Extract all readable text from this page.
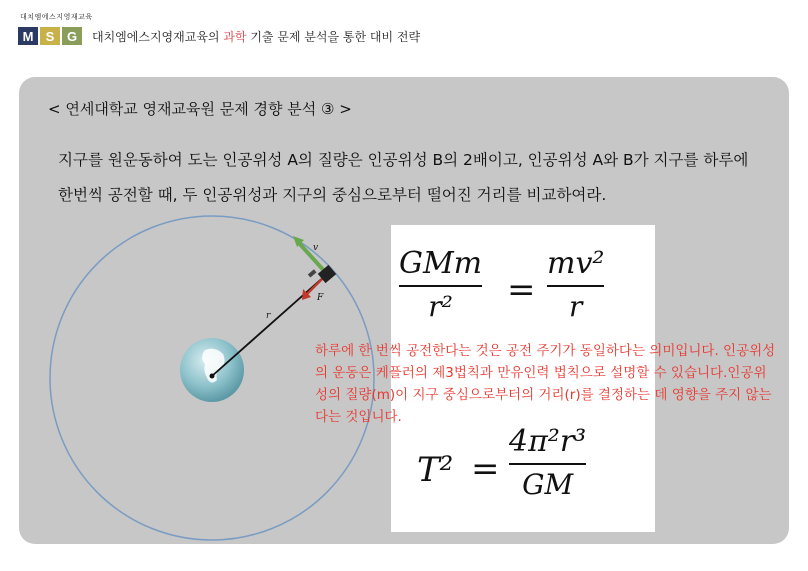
대치엠에스지영재교육
M S G	대치엠에스지영재교육의 과학 기출 문제 분석을 통한 대비 전략
< 연세대학교 영재교육원 문제 경향 분석 ③ >
지구를 원운동하여 도는 인공위성 A의 질량은 인공위성 B의 2배이고, 인공위성 A와 B가 지구를 하루에
한번씩 공전할 때, 두 인공위성과 지구의 중심으로부터 떨어진 거리를 비교하여라.
v
F
r
GMm
r² =
mv²
r
T² =
4π²r³
GM
하루에 한 번씩 공전한다는 것은 공전 주기가 동일하다는 의미입니다. 인공위성
의 운동은 케플러의 제3법칙과 만유인력 법칙으로 설명할 수 있습니다.인공위
성의 질량(m)이 지구 중심으로부터의 거리(r)를 결정하는 데 영향을 주지 않는
다는 것입니다.
